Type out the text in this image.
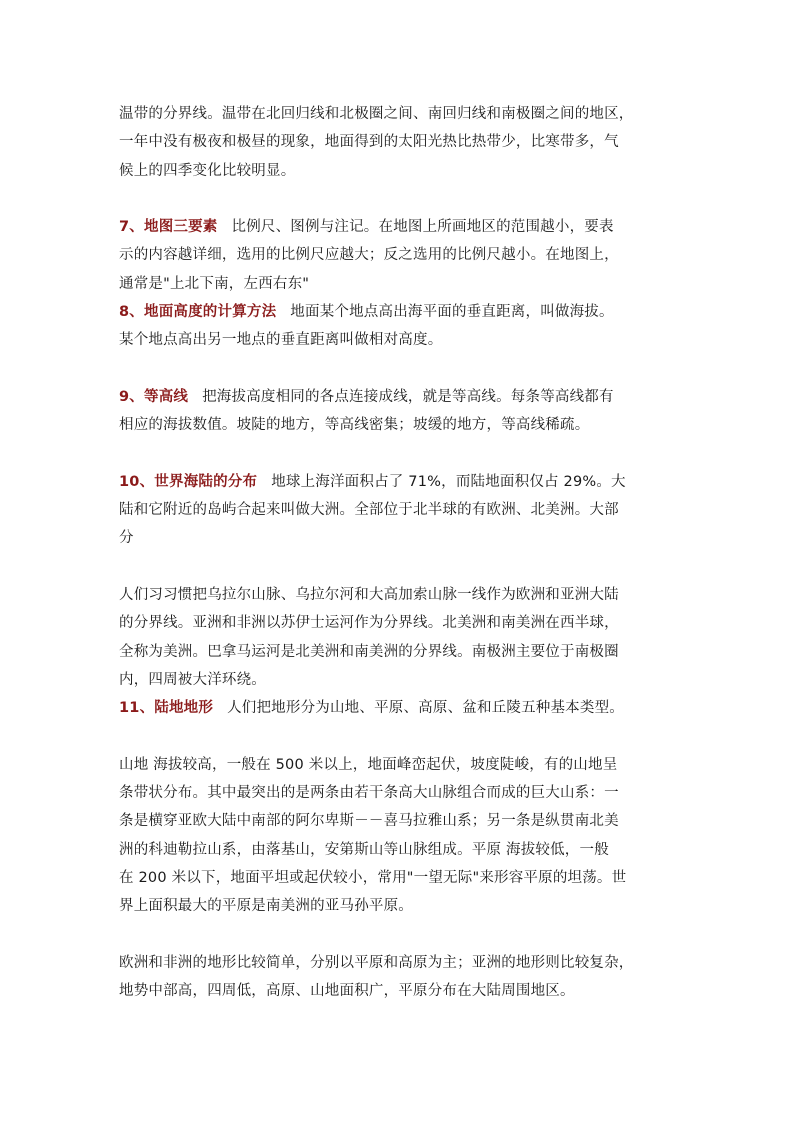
温带的分界线。温带在北回归线和北极圈之间、南回归线和南极圈之间的地区，
一年中没有极夜和极昼的现象，地面得到的太阳光热比热带少，比寒带多，气
候上的四季变化比较明显。
7、地图三要素 比例尺、图例与注记。在地图上所画地区的范围越小，要表
示的内容越详细，选用的比例尺应越大；反之选用的比例尺越小。在地图上，
通常是"上北下南，左西右东"
8、地面高度的计算方法 地面某个地点高出海平面的垂直距离，叫做海拔。
某个地点高出另一地点的垂直距离叫做相对高度。
9、等高线 把海拔高度相同的各点连接成线，就是等高线。每条等高线都有
相应的海拔数值。坡陡的地方，等高线密集；坡缓的地方，等高线稀疏。
10、世界海陆的分布 地球上海洋面积占了 71%，而陆地面积仅占 29%。大
陆和它附近的岛屿合起来叫做大洲。全部位于北半球的有欧洲、北美洲。大部
分
人们习习惯把乌拉尔山脉、乌拉尔河和大高加索山脉一线作为欧洲和亚洲大陆
的分界线。亚洲和非洲以苏伊士运河作为分界线。北美洲和南美洲在西半球，
全称为美洲。巴拿马运河是北美洲和南美洲的分界线。南极洲主要位于南极圈
内，四周被大洋环绕。
11、陆地地形 人们把地形分为山地、平原、高原、盆和丘陵五种基本类型。
山地 海拔较高，一般在 500 米以上，地面峰峦起伏，坡度陡峻，有的山地呈
条带状分布。其中最突出的是两条由若干条高大山脉组合而成的巨大山系：一
条是横穿亚欧大陆中南部的阿尔卑斯－－喜马拉雅山系；另一条是纵贯南北美
洲的科迪勒拉山系，由落基山，安第斯山等山脉组成。平原 海拔较低，一般
在 200 米以下，地面平坦或起伏较小，常用"一望无际"来形容平原的坦荡。世
界上面积最大的平原是南美洲的亚马孙平原。
欧洲和非洲的地形比较简单，分别以平原和高原为主；亚洲的地形则比较复杂，
地势中部高，四周低，高原、山地面积广，平原分布在大陆周围地区。
